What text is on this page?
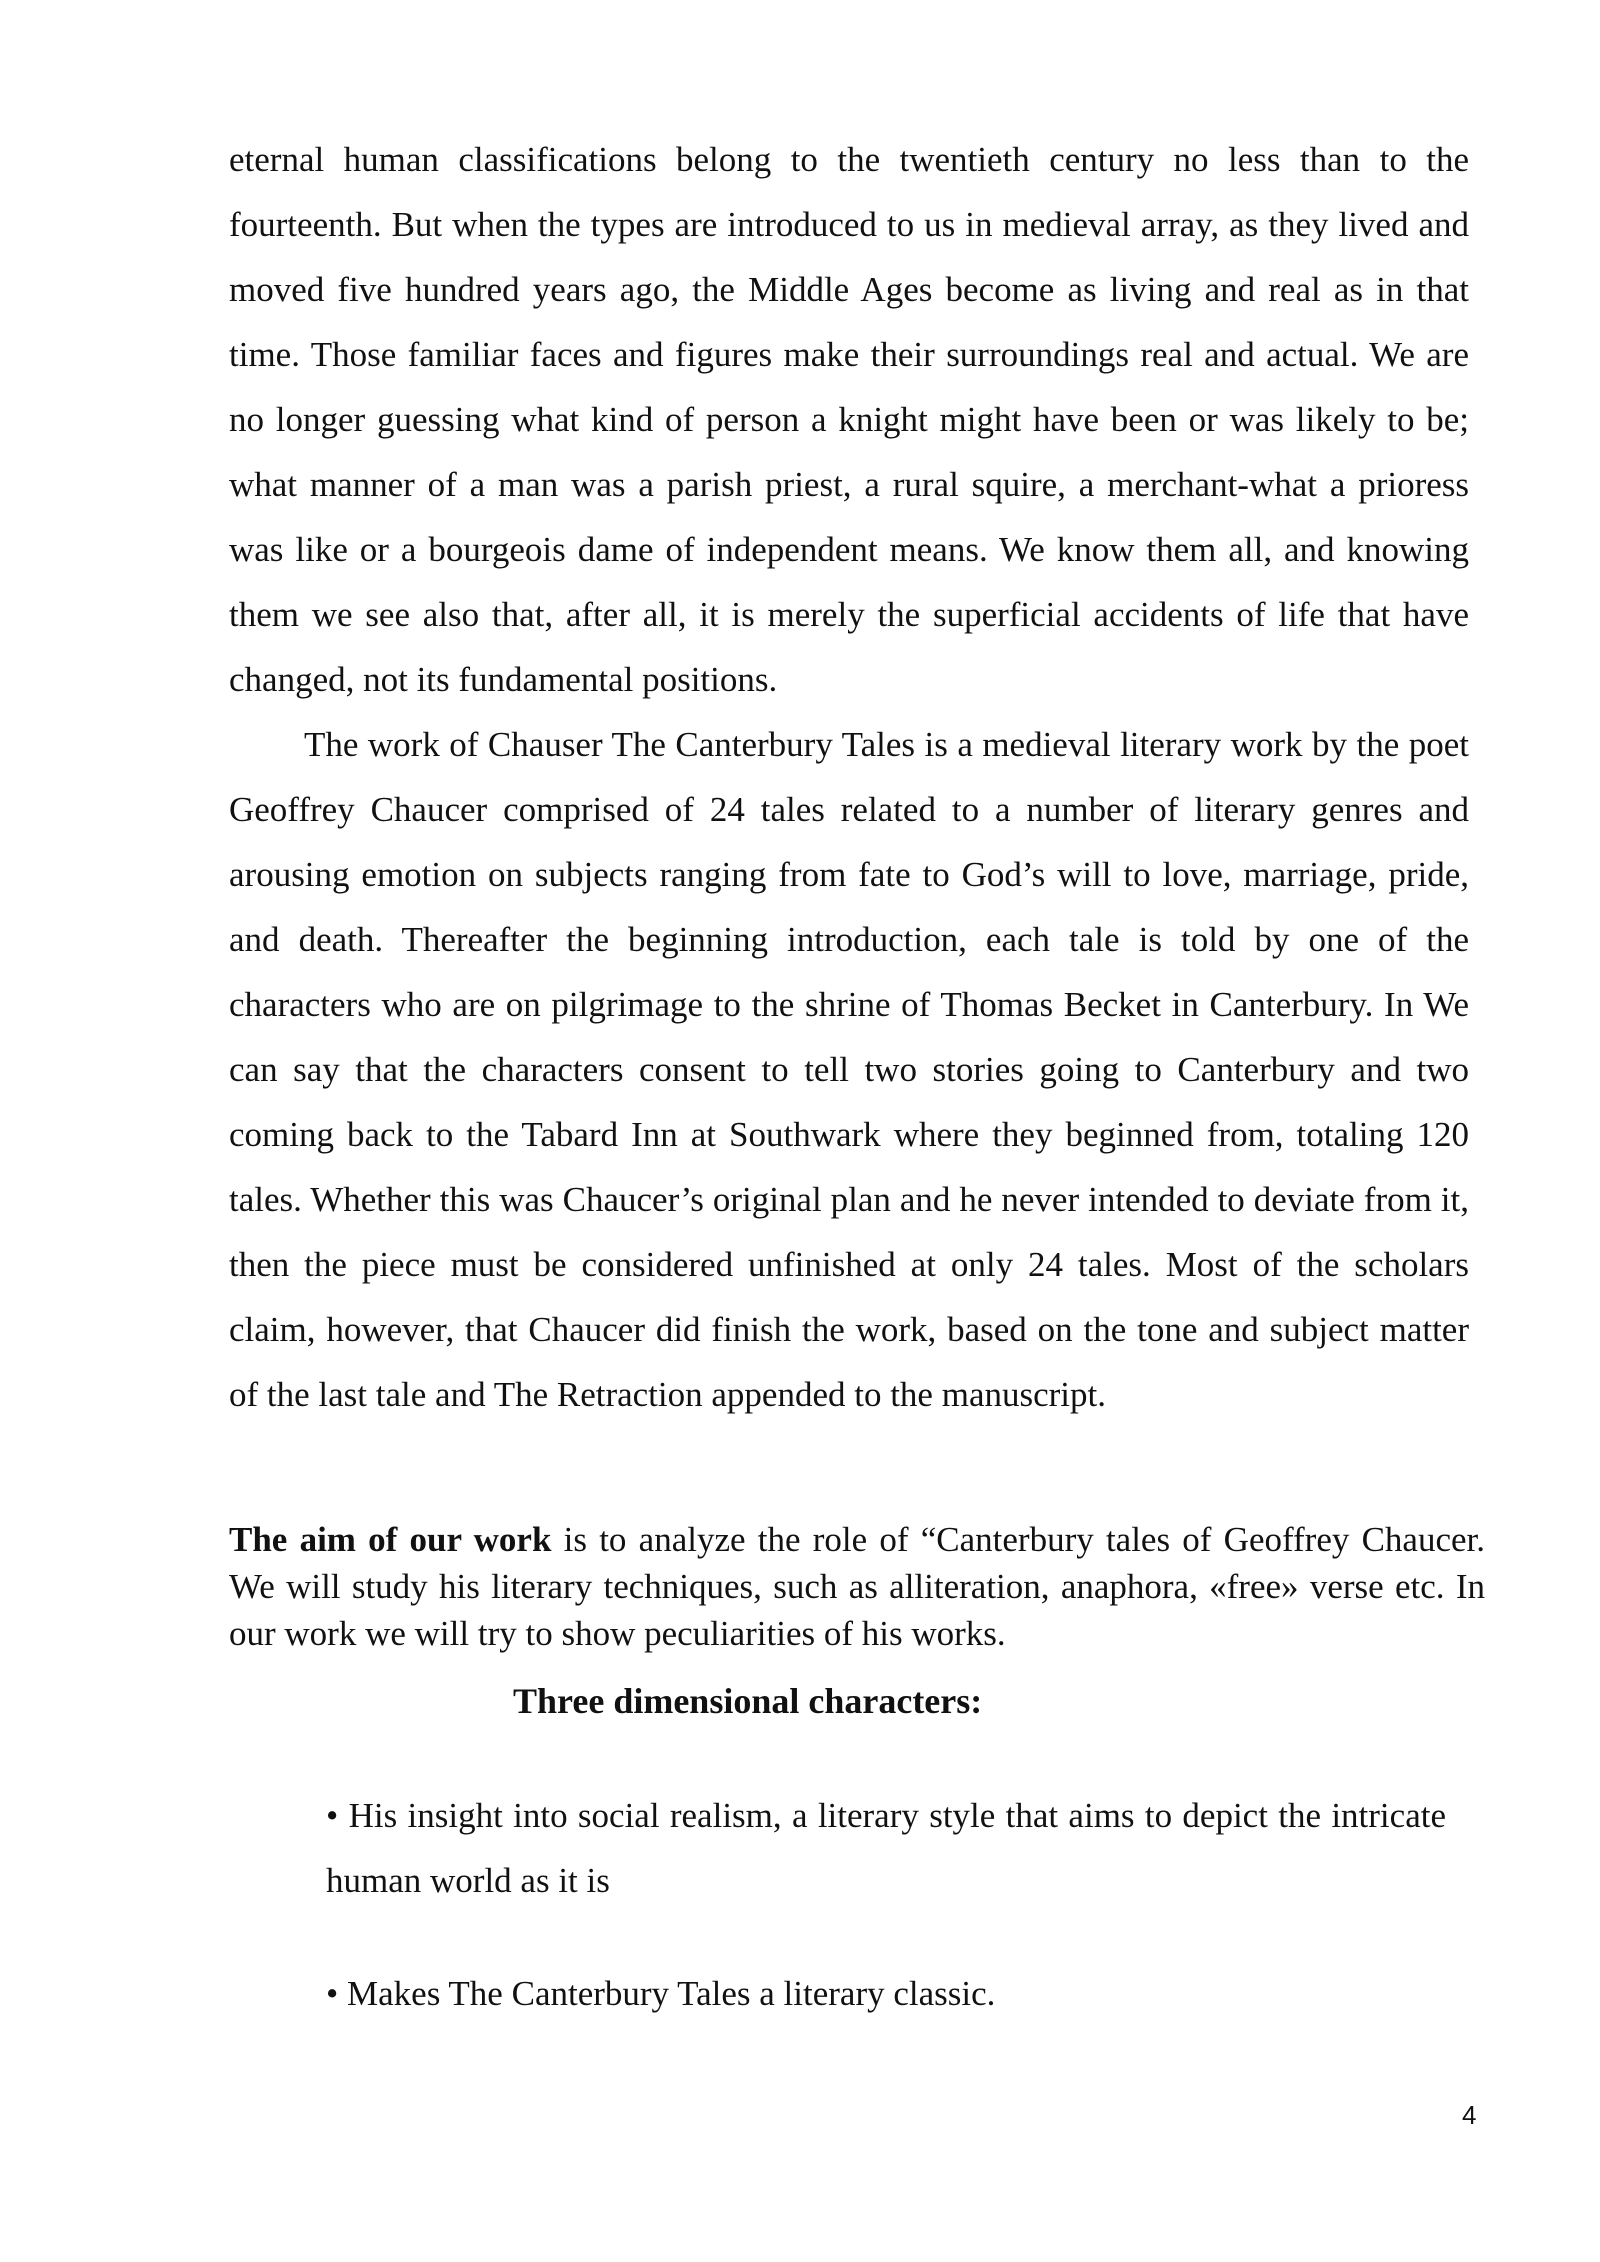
eternal human classifications belong to the twentieth century no less than to the fourteenth. But when the types are introduced to us in medieval array, as they lived and moved five hundred years ago, the Middle Ages become as living and real as in that time. Those familiar faces and figures make their surroundings real and actual. We are no longer guessing what kind of person a knight might have been or was likely to be; what manner of a man was a parish priest, a rural squire, a merchant-what a prioress was like or a bourgeois dame of independent means. We know them all, and knowing them we see also that, after all, it is merely the superficial accidents of life that have changed, not its fundamental positions.

The work of Chauser The Canterbury Tales is a medieval literary work by the poet Geoffrey Chaucer comprised of 24 tales related to a number of literary genres and arousing emotion on subjects ranging from fate to God’s will to love, marriage, pride, and death. Thereafter the beginning introduction, each tale is told by one of the characters who are on pilgrimage to the shrine of Thomas Becket in Canterbury. In We can say that the characters consent to tell two stories going to Canterbury and two coming back to the Tabard Inn at Southwark where they beginned from, totaling 120 tales. Whether this was Chaucer’s original plan and he never intended to deviate from it, then the piece must be considered unfinished at only 24 tales. Most of the scholars claim, however, that Chaucer did finish the work, based on the tone and subject matter of the last tale and The Retraction appended to the manuscript.

The aim of our work is to analyze the role of “Canterbury tales of Geoffrey Chaucer. We will study his literary techniques, such as alliteration, anaphora, «free» verse etc. In our work we will try to show peculiarities of his works.

Three dimensional characters:

• His insight into social realism, a literary style that aims to depict the intricate human world as it is

• Makes The Canterbury Tales a literary classic.

4
